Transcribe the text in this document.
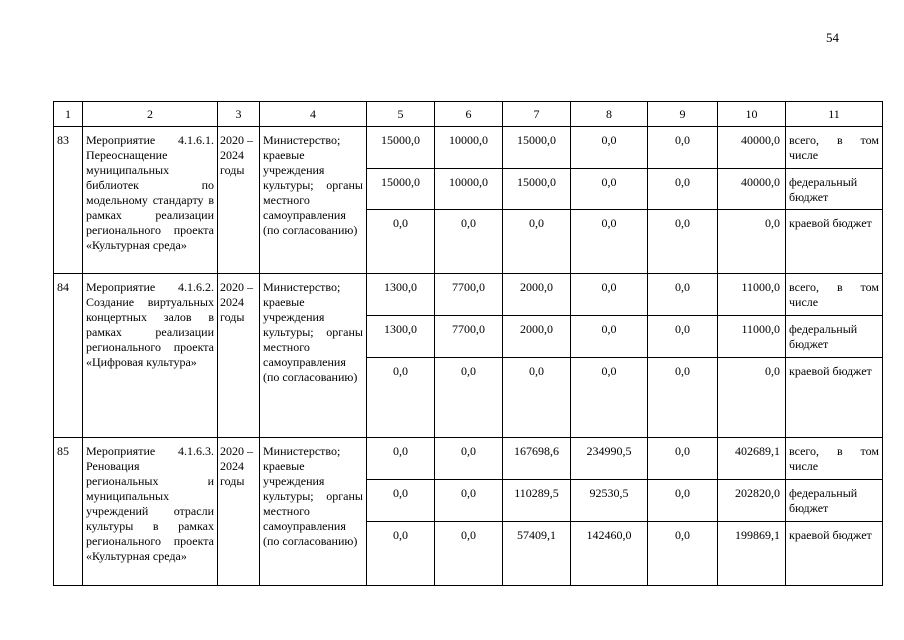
54
1	2	3	4	5	6	7	8	9	10	11
83	Мероприятие 4.1.6.1. Переоснащение муниципальных библиотек по модельному стандарту в рамках реализации регионального проекта «Культурная среда»	2020 – 2024 годы	Министерство; краевые учреждения культуры; органы местного самоуправления (по согласованию)	15000,0	10000,0	15000,0	0,0	0,0	40000,0	всего, в том числе
				15000,0	10000,0	15000,0	0,0	0,0	40000,0	федеральный бюджет
				0,0	0,0	0,0	0,0	0,0	0,0	краевой бюджет
84	Мероприятие 4.1.6.2. Создание виртуальных концертных залов в рамках реализации регионального проекта «Цифровая культура»	2020 – 2024 годы	Министерство; краевые учреждения культуры; органы местного самоуправления (по согласованию)	1300,0	7700,0	2000,0	0,0	0,0	11000,0	всего, в том числе
				1300,0	7700,0	2000,0	0,0	0,0	11000,0	федеральный бюджет
				0,0	0,0	0,0	0,0	0,0	0,0	краевой бюджет
85	Мероприятие 4.1.6.3. Реновация региональных и муниципальных учреждений отрасли культуры в рамках регионального проекта «Культурная среда»	2020 – 2024 годы	Министерство; краевые учреждения культуры; органы местного самоуправления (по согласованию)	0,0	0,0	167698,6	234990,5	0,0	402689,1	всего, в том числе
				0,0	0,0	110289,5	92530,5	0,0	202820,0	федеральный бюджет
				0,0	0,0	57409,1	142460,0	0,0	199869,1	краевой бюджет
